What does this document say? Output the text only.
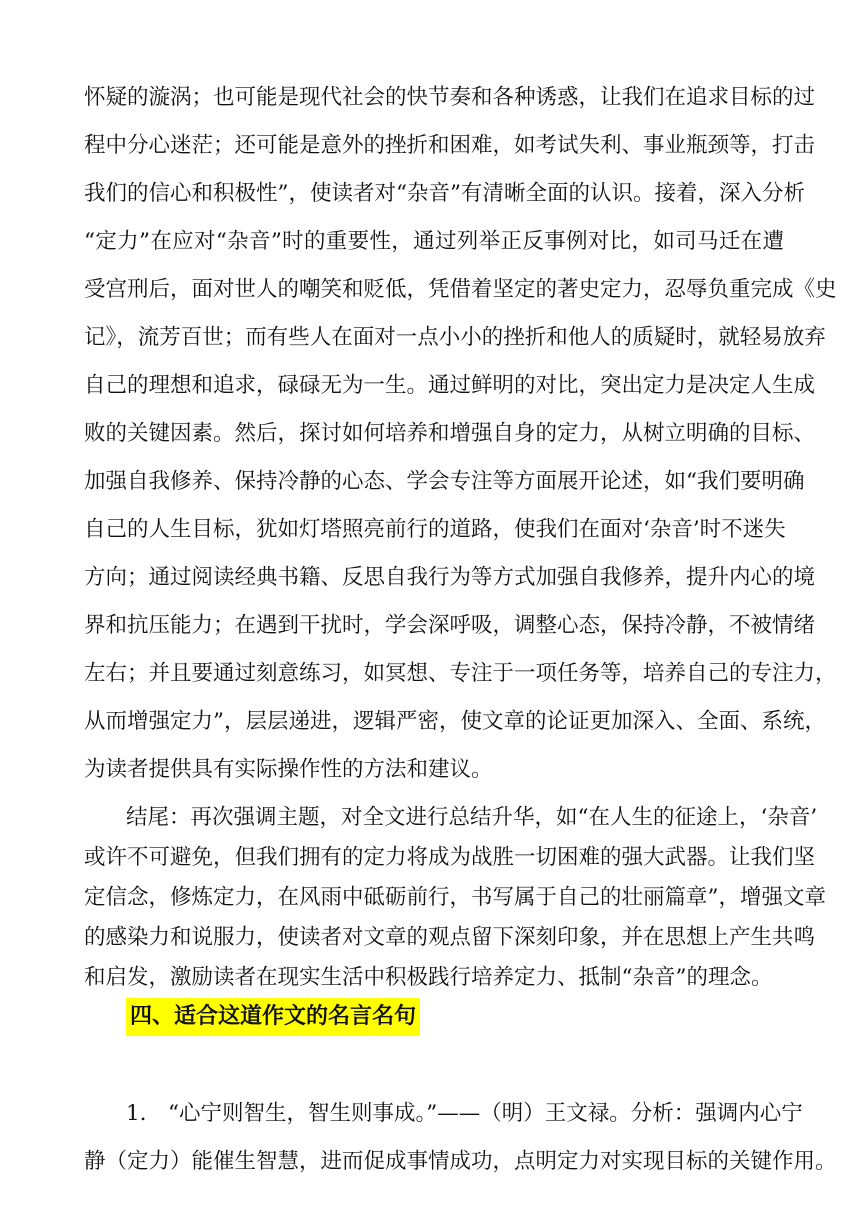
怀疑的漩涡；也可能是现代社会的快节奏和各种诱惑，让我们在追求目标的过
程中分心迷茫；还可能是意外的挫折和困难，如考试失利、事业瓶颈等，打击
我们的信心和积极性”，使读者对“杂音”有清晰全面的认识。接着，深入分析
“定力”在应对“杂音”时的重要性，通过列举正反事例对比，如司马迁在遭
受宫刑后，面对世人的嘲笑和贬低，凭借着坚定的著史定力，忍辱负重完成《史
记》，流芳百世；而有些人在面对一点小小的挫折和他人的质疑时，就轻易放弃
自己的理想和追求，碌碌无为一生。通过鲜明的对比，突出定力是决定人生成
败的关键因素。然后，探讨如何培养和增强自身的定力，从树立明确的目标、
加强自我修养、保持冷静的心态、学会专注等方面展开论述，如“我们要明确
自己的人生目标，犹如灯塔照亮前行的道路，使我们在面对‘杂音’时不迷失
方向；通过阅读经典书籍、反思自我行为等方式加强自我修养，提升内心的境
界和抗压能力；在遇到干扰时，学会深呼吸，调整心态，保持冷静，不被情绪
左右；并且要通过刻意练习，如冥想、专注于一项任务等，培养自己的专注力，
从而增强定力”，层层递进，逻辑严密，使文章的论证更加深入、全面、系统，
为读者提供具有实际操作性的方法和建议。
结尾：再次强调主题，对全文进行总结升华，如“在人生的征途上，‘杂音’
或许不可避免，但我们拥有的定力将成为战胜一切困难的强大武器。让我们坚
定信念，修炼定力，在风雨中砥砺前行，书写属于自己的壮丽篇章”，增强文章
的感染力和说服力，使读者对文章的观点留下深刻印象，并在思想上产生共鸣
和启发，激励读者在现实生活中积极践行培养定力、抵制“杂音”的理念。
1.　“心宁则智生，智生则事成。”——（明）王文禄。分析：强调内心宁
静（定力）能催生智慧，进而促成事情成功，点明定力对实现目标的关键作用。
四、适合这道作文的名言名句
